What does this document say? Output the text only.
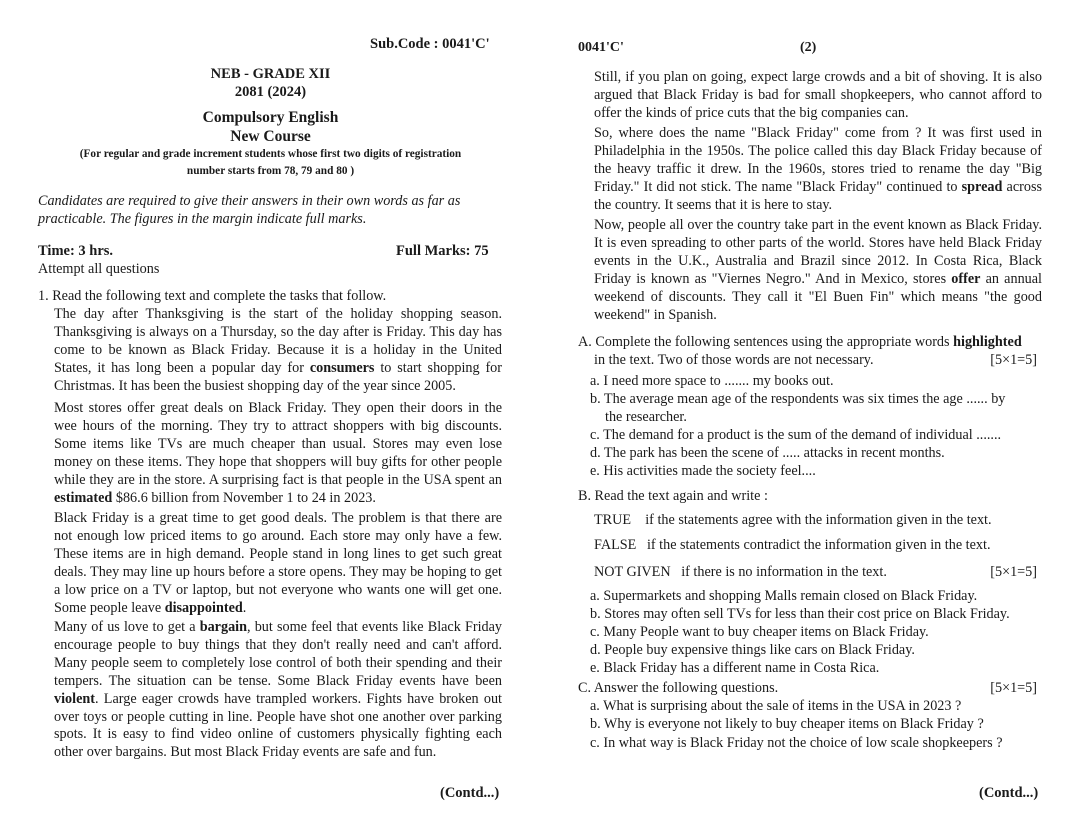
Sub.Code : 0041'C'
NEB - GRADE XII
2081 (2024)
Compulsory English
New Course
(For regular and grade increment students whose first two digits of registration
number starts from 78, 79 and 80 )
Candidates are required to give their answers in their own words as far as
practicable. The figures in the margin indicate full marks.
Time: 3 hrs.	Full Marks: 75
Attempt all questions
1. Read the following text and complete the tasks that follow.
The day after Thanksgiving is the start of the holiday shopping season. Thanksgiving is always on a Thursday, so the day after is Friday. This day has come to be known as Black Friday. Because it is a holiday in the United States, it has long been a popular day for consumers to start shopping for Christmas. It has been the busiest shopping day of the year since 2005.
Most stores offer great deals on Black Friday. They open their doors in the wee hours of the morning. They try to attract shoppers with big discounts. Some items like TVs are much cheaper than usual. Stores may even lose money on these items. They hope that shoppers will buy gifts for other people while they are in the store. A surprising fact is that people in the USA spent an estimated $86.6 billion from November 1 to 24 in 2023.
Black Friday is a great time to get good deals. The problem is that there are not enough low priced items to go around. Each store may only have a few. These items are in high demand. People stand in long lines to get such great deals. They may line up hours before a store opens. They may be hoping to get a low price on a TV or laptop, but not everyone who wants one will get one. Some people leave disappointed.
Many of us love to get a bargain, but some feel that events like Black Friday encourage people to buy things that they don't really need and can't afford. Many people seem to completely lose control of both their spending and their tempers. The situation can be tense. Some Black Friday events have been violent. Large eager crowds have trampled workers. Fights have broken out over toys or people cutting in line. People have shot one another over parking spots. It is easy to find video online of customers physically fighting each other over bargains. But most Black Friday events are safe and fun.
(Contd...)
0041'C'	(2)
Still, if you plan on going, expect large crowds and a bit of shoving. It is also argued that Black Friday is bad for small shopkeepers, who cannot afford to offer the kinds of price cuts that the big companies can.
So, where does the name "Black Friday" come from ? It was first used in Philadelphia in the 1950s. The police called this day Black Friday because of the heavy traffic it drew. In the 1960s, stores tried to rename the day "Big Friday." It did not stick. The name "Black Friday" continued to spread across the country. It seems that it is here to stay.
Now, people all over the country take part in the event known as Black Friday. It is even spreading to other parts of the world. Stores have held Black Friday events in the U.K., Australia and Brazil since 2012. In Costa Rica, Black Friday is known as "Viernes Negro." And in Mexico, stores offer an annual weekend of discounts. They call it "El Buen Fin" which means "the good weekend" in Spanish.
A. Complete the following sentences using the appropriate words highlighted
in the text. Two of those words are not necessary.	[5×1=5]
a. I need more space to ....... my books out.
b. The average mean age of the respondents was six times the age ...... by
the researcher.
c. The demand for a product is the sum of the demand of individual .......
d. The park has been the scene of ..... attacks in recent months.
e. His activities made the society feel....
B. Read the text again and write :
TRUE    if the statements agree with the information given in the text.
FALSE   if the statements contradict the information given in the text.
NOT GIVEN   if there is no information in the text.	[5×1=5]
a. Supermarkets and shopping Malls remain closed on Black Friday.
b. Stores may often sell TVs for less than their cost price on Black Friday.
c. Many People want to buy cheaper items on Black Friday.
d. People buy expensive things like cars on Black Friday.
e. Black Friday has a different name in Costa Rica.
C. Answer the following questions.	[5×1=5]
a. What is surprising about the sale of items in the USA in 2023 ?
b. Why is everyone not likely to buy cheaper items on Black Friday ?
c. In what way is Black Friday not the choice of low scale shopkeepers ?
(Contd...)
